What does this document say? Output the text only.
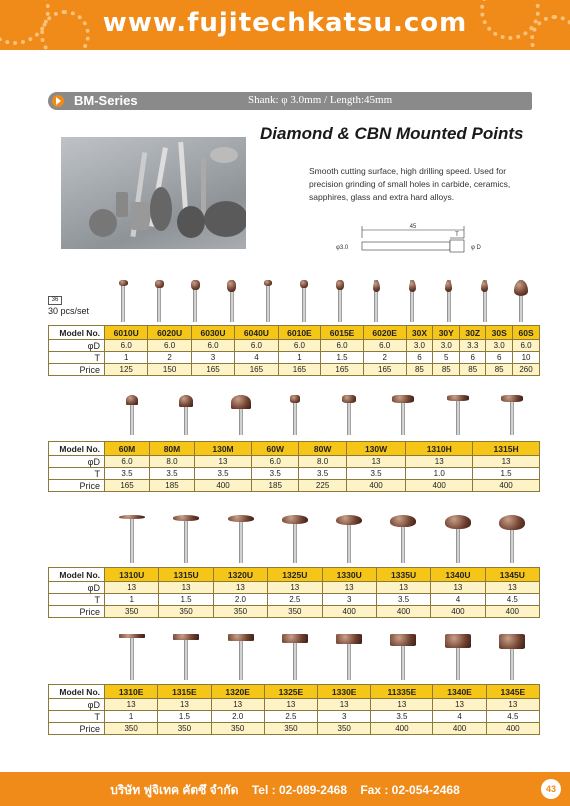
www.fujitechkatsu.com
BM-Series	Shank: φ 3.0mm / Length:45mm
Diamond & CBN Mounted Points
Smooth cutting surface, high drilling speed. Used for precision grinding of small holes in carbide, ceramics, sapphires, glass and extra hard alloys.
45
T
φ3.0	φ D
36
30 pcs/set
Model No.	6010U	6020U	6030U	6040U	6010E	6015E	6020E	30X	30Y	30Z	30S	60S
φD	6.0	6.0	6.0	6.0	6.0	6.0	6.0	3.0	3.0	3.3	3.0	6.0
T	1	2	3	4	1	1.5	2	6	5	6	6	10
Price	125	150	165	165	165	165	165	85	85	85	85	260
Model No.	60M	80M	130M	60W	80W	130W	1310H	1315H
φD	6.0	8.0	13	6.0	8.0	13	13	13
T	3.5	3.5	3.5	3.5	3.5	3.5	1.0	1.5
Price	165	185	400	185	225	400	400	400
Model No.	1310U	1315U	1320U	1325U	1330U	1335U	1340U	1345U
φD	13	13	13	13	13	13	13	13
T	1	1.5	2.0	2.5	3	3.5	4	4.5
Price	350	350	350	350	400	400	400	400
Model No.	1310E	1315E	1320E	1325E	1330E	11335E	1340E	1345E
φD	13	13	13	13	13	13	13	13
T	1	1.5	2.0	2.5	3	3.5	4	4.5
Price	350	350	350	350	350	400	400	400
บริษัท ฟูจิเทค คัตซึ จำกัด Tel : 02-089-2468 Fax : 02-054-2468	43
